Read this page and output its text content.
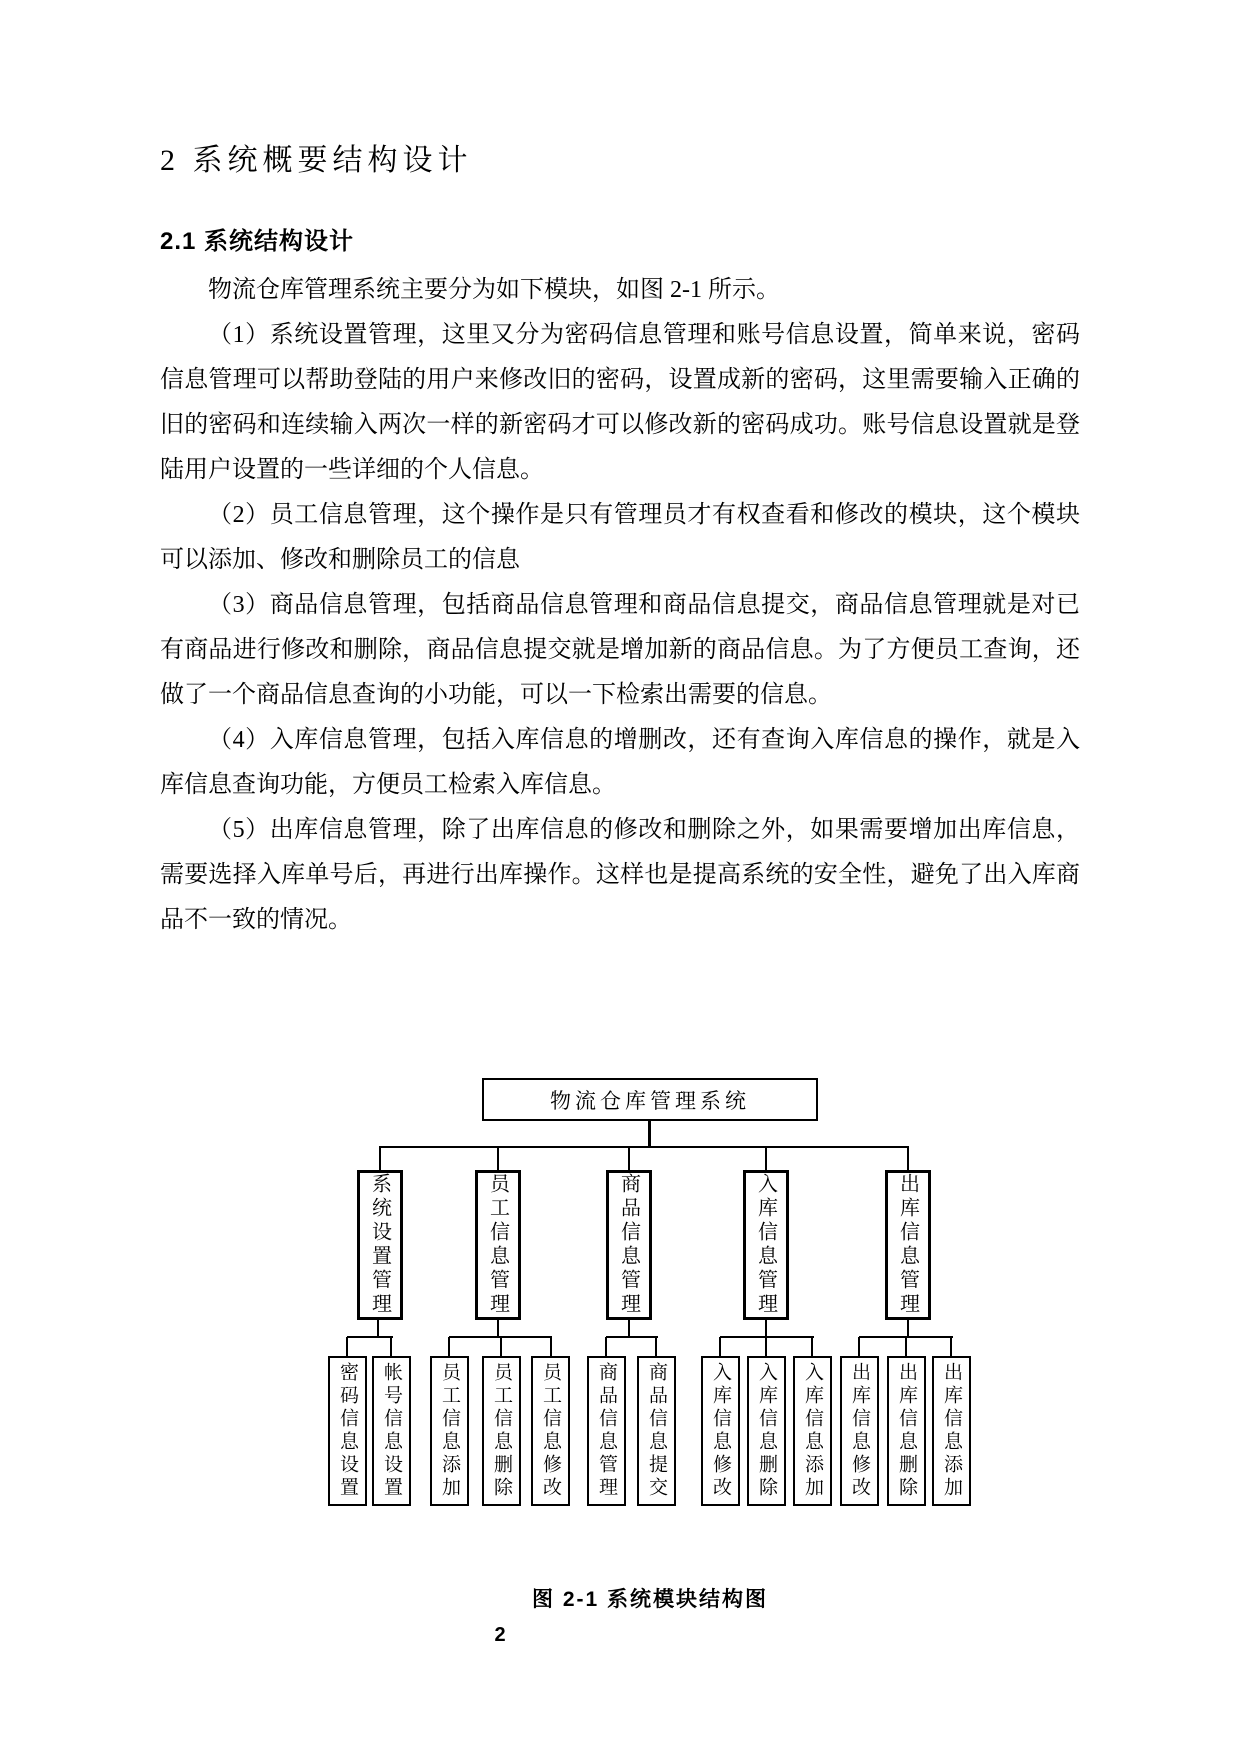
2 系统概要结构设计
2.1 系统结构设计

物流仓库管理系统主要分为如下模块，如图 2-1 所示。

（1）系统设置管理，这里又分为密码信息管理和账号信息设置，简单来说，密码信息管理可以帮助登陆的用户来修改旧的密码，设置成新的密码，这里需要输入正确的旧的密码和连续输入两次一样的新密码才可以修改新的密码成功。账号信息设置就是登陆用户设置的一些详细的个人信息。

（2）员工信息管理，这个操作是只有管理员才有权查看和修改的模块，这个模块可以添加、修改和删除员工的信息

（3）商品信息管理，包括商品信息管理和商品信息提交，商品信息管理就是对已有商品进行修改和删除，商品信息提交就是增加新的商品信息。为了方便员工查询，还做了一个商品信息查询的小功能，可以一下检索出需要的信息。

（4）入库信息管理，包括入库信息的增删改，还有查询入库信息的操作，就是入库信息查询功能，方便员工检索入库信息。

（5）出库信息管理，除了出库信息的修改和删除之外，如果需要增加出库信息，需要选择入库单号后，再进行出库操作。这样也是提高系统的安全性，避免了出入库商品不一致的情况。

物流仓库管理系统
系统设置管理	员工信息管理	商品信息管理	入库信息管理	出库信息管理
密码信息设置	帐号信息设置	员工信息添加	员工信息删除	员工信息修改	商品信息管理	商品信息提交	入库信息修改	入库信息删除	入库信息添加	出库信息修改	出库信息删除	出库信息添加
图 2-1 系统模块结构图
2
